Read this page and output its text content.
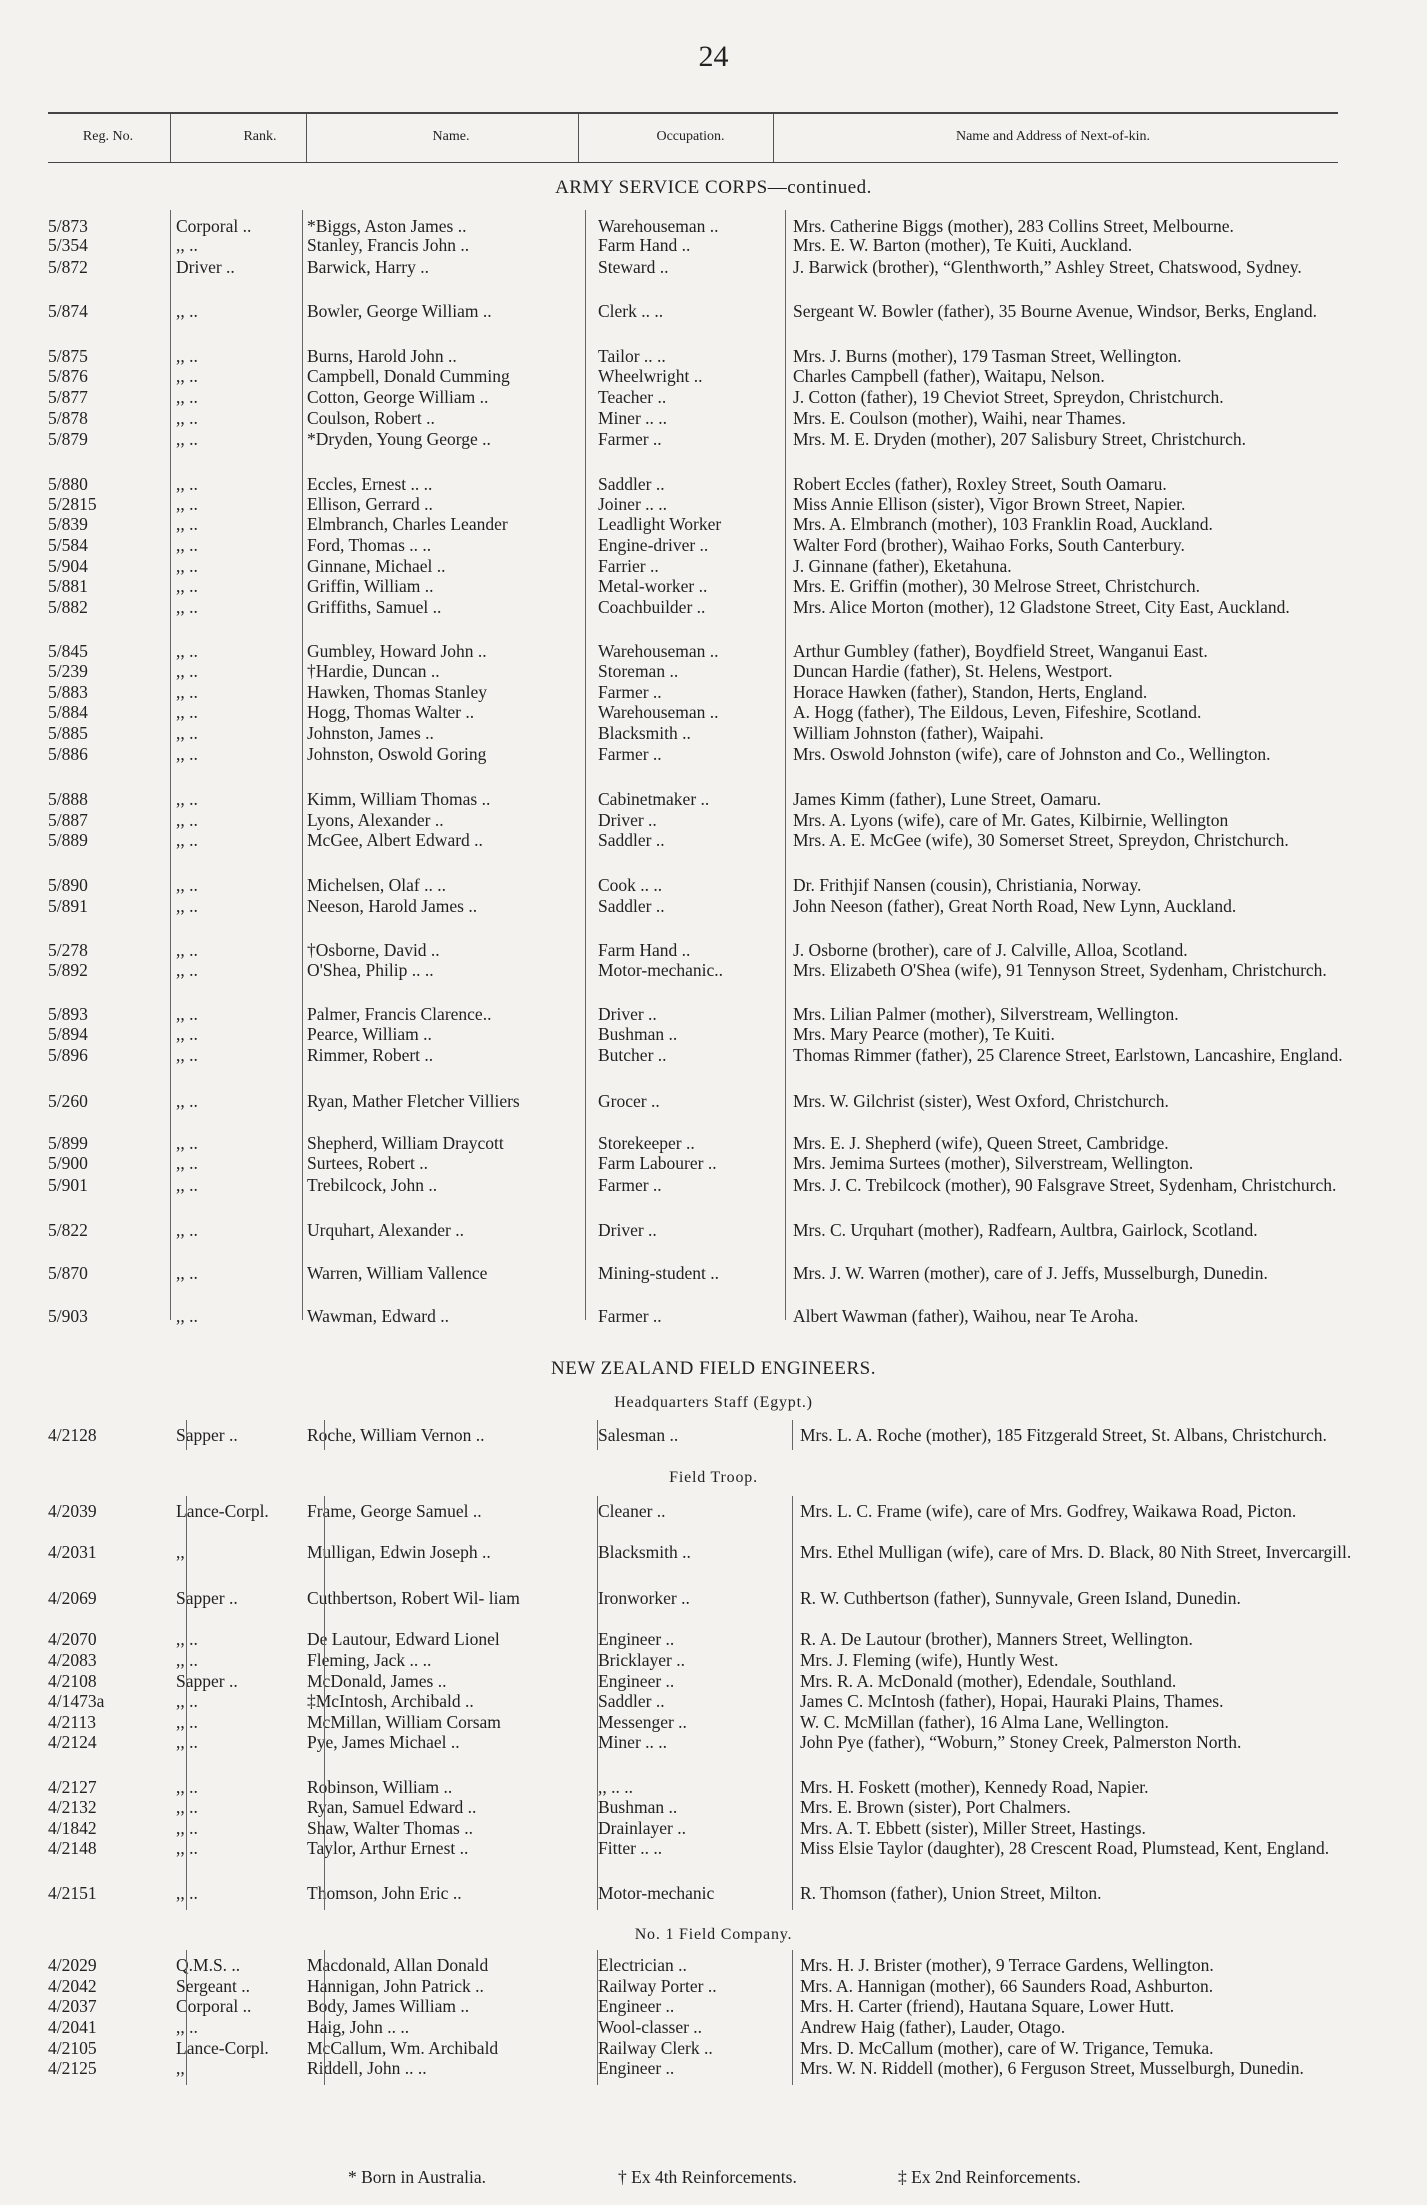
24
Reg. No.	Rank.	Name.	Occupation.	Name and Address of Next-of-kin.
ARMY SERVICE CORPS—continued.
NEW ZEALAND FIELD ENGINEERS.
Headquarters Staff (Egypt.)
Field Troop.
No. 1 Field Company.
5/873	Corporal ..	*Biggs, Aston James ..	Warehouseman ..	Mrs. Catherine Biggs (mother), 283 Collins Street, Melbourne.
5/354	,, ..	Stanley, Francis John ..	Farm Hand ..	Mrs. E. W. Barton (mother), Te Kuiti, Auckland.
5/872	Driver ..	Barwick, Harry ..	Steward ..	J. Barwick (brother), “Glenthworth,” Ashley Street, Chatswood, Sydney.
5/874	,, ..	Bowler, George William ..	Clerk .. ..	Sergeant W. Bowler (father), 35 Bourne Avenue, Windsor, Berks, England.
5/875	,, ..	Burns, Harold John ..	Tailor .. ..	Mrs. J. Burns (mother), 179 Tasman Street, Wellington.
5/876	,, ..	Campbell, Donald Cumming	Wheelwright ..	Charles Campbell (father), Waitapu, Nelson.
5/877	,, ..	Cotton, George William ..	Teacher ..	J. Cotton (father), 19 Cheviot Street, Spreydon, Christchurch.
5/878	,, ..	Coulson, Robert ..	Miner .. ..	Mrs. E. Coulson (mother), Waihi, near Thames.
5/879	,, ..	*Dryden, Young George ..	Farmer ..	Mrs. M. E. Dryden (mother), 207 Salisbury Street, Christchurch.
5/880	,, ..	Eccles, Ernest .. ..	Saddler ..	Robert Eccles (father), Roxley Street, South Oamaru.
5/2815	,, ..	Ellison, Gerrard ..	Joiner .. ..	Miss Annie Ellison (sister), Vigor Brown Street, Napier.
5/839	,, ..	Elmbranch, Charles Leander	Leadlight Worker	Mrs. A. Elmbranch (mother), 103 Franklin Road, Auckland.
5/584	,, ..	Ford, Thomas .. ..	Engine-driver ..	Walter Ford (brother), Waihao Forks, South Canterbury.
5/904	,, ..	Ginnane, Michael ..	Farrier ..	J. Ginnane (father), Eketahuna.
5/881	,, ..	Griffin, William ..	Metal-worker ..	Mrs. E. Griffin (mother), 30 Melrose Street, Christchurch.
5/882	,, ..	Griffiths, Samuel ..	Coachbuilder ..	Mrs. Alice Morton (mother), 12 Gladstone Street, City East, Auckland.
5/845	,, ..	Gumbley, Howard John ..	Warehouseman ..	Arthur Gumbley (father), Boydfield Street, Wanganui East.
5/239	,, ..	†Hardie, Duncan ..	Storeman ..	Duncan Hardie (father), St. Helens, Westport.
5/883	,, ..	Hawken, Thomas Stanley	Farmer ..	Horace Hawken (father), Standon, Herts, England.
5/884	,, ..	Hogg, Thomas Walter ..	Warehouseman ..	A. Hogg (father), The Eildous, Leven, Fifeshire, Scotland.
5/885	,, ..	Johnston, James ..	Blacksmith ..	William Johnston (father), Waipahi.
5/886	,, ..	Johnston, Oswold Goring	Farmer ..	Mrs. Oswold Johnston (wife), care of Johnston and Co., Wellington.
5/888	,, ..	Kimm, William Thomas ..	Cabinetmaker ..	James Kimm (father), Lune Street, Oamaru.
5/887	,, ..	Lyons, Alexander ..	Driver ..	Mrs. A. Lyons (wife), care of Mr. Gates, Kilbirnie, Wellington
5/889	,, ..	McGee, Albert Edward ..	Saddler ..	Mrs. A. E. McGee (wife), 30 Somerset Street, Spreydon, Christchurch.
5/890	,, ..	Michelsen, Olaf .. ..	Cook .. ..	Dr. Frithjif Nansen (cousin), Christiania, Norway.
5/891	,, ..	Neeson, Harold James ..	Saddler ..	John Neeson (father), Great North Road, New Lynn, Auckland.
5/278	,, ..	†Osborne, David ..	Farm Hand ..	J. Osborne (brother), care of J. Calville, Alloa, Scotland.
5/892	,, ..	O'Shea, Philip .. ..	Motor-mechanic..	Mrs. Elizabeth O'Shea (wife), 91 Tennyson Street, Sydenham, Christchurch.
5/893	,, ..	Palmer, Francis Clarence..	Driver ..	Mrs. Lilian Palmer (mother), Silverstream, Wellington.
5/894	,, ..	Pearce, William ..	Bushman ..	Mrs. Mary Pearce (mother), Te Kuiti.
5/896	,, ..	Rimmer, Robert ..	Butcher ..	Thomas Rimmer (father), 25 Clarence Street, Earlstown, Lancashire, England.
5/260	,, ..	Ryan, Mather Fletcher Villiers	Grocer ..	Mrs. W. Gilchrist (sister), West Oxford, Christchurch.
5/899	,, ..	Shepherd, William Draycott	Storekeeper ..	Mrs. E. J. Shepherd (wife), Queen Street, Cambridge.
5/900	,, ..	Surtees, Robert ..	Farm Labourer ..	Mrs. Jemima Surtees (mother), Silverstream, Wellington.
5/901	,, ..	Trebilcock, John ..	Farmer ..	Mrs. J. C. Trebilcock (mother), 90 Falsgrave Street, Sydenham, Christchurch.
5/822	,, ..	Urquhart, Alexander ..	Driver ..	Mrs. C. Urquhart (mother), Radfearn, Aultbra, Gairlock, Scotland.
5/870	,, ..	Warren, William Vallence	Mining-student ..	Mrs. J. W. Warren (mother), care of J. Jeffs, Musselburgh, Dunedin.
5/903	,, ..	Wawman, Edward ..	Farmer ..	Albert Wawman (father), Waihou, near Te Aroha.
4/2128	Sapper ..	Roche, William Vernon ..	Salesman ..	Mrs. L. A. Roche (mother), 185 Fitzgerald Street, St. Albans, Christchurch.
4/2039	Lance-Corpl.	Frame, George Samuel ..	Cleaner ..	Mrs. L. C. Frame (wife), care of Mrs. Godfrey, Waikawa Road, Picton.
4/2031	,,	Mulligan, Edwin Joseph ..	Blacksmith ..	Mrs. Ethel Mulligan (wife), care of Mrs. D. Black, 80 Nith Street, Invercargill.
4/2069	Sapper ..	Cuthbertson, Robert Wil- liam	Ironworker ..	R. W. Cuthbertson (father), Sunnyvale, Green Island, Dunedin.
4/2070	,, ..	De Lautour, Edward Lionel	Engineer ..	R. A. De Lautour (brother), Manners Street, Wellington.
4/2083	,, ..	Fleming, Jack .. ..	Bricklayer ..	Mrs. J. Fleming (wife), Huntly West.
4/2108	Sapper ..	McDonald, James ..	Engineer ..	Mrs. R. A. McDonald (mother), Edendale, Southland.
4/1473a	,, ..	‡McIntosh, Archibald ..	Saddler ..	James C. McIntosh (father), Hopai, Hauraki Plains, Thames.
4/2113	,, ..	McMillan, William Corsam	Messenger ..	W. C. McMillan (father), 16 Alma Lane, Wellington.
4/2124	,, ..	Pye, James Michael ..	Miner .. ..	John Pye (father), “Woburn,” Stoney Creek, Palmerston North.
4/2127	,, ..	Robinson, William ..	,, .. ..	Mrs. H. Foskett (mother), Kennedy Road, Napier.
4/2132	,, ..	Ryan, Samuel Edward ..	Bushman ..	Mrs. E. Brown (sister), Port Chalmers.
4/1842	,, ..	Shaw, Walter Thomas ..	Drainlayer ..	Mrs. A. T. Ebbett (sister), Miller Street, Hastings.
4/2148	,, ..	Taylor, Arthur Ernest ..	Fitter .. ..	Miss Elsie Taylor (daughter), 28 Crescent Road, Plumstead, Kent, England.
4/2151	,, ..	Thomson, John Eric ..	Motor-mechanic	R. Thomson (father), Union Street, Milton.
4/2029	Q.M.S. ..	Macdonald, Allan Donald	Electrician ..	Mrs. H. J. Brister (mother), 9 Terrace Gardens, Wellington.
4/2042	Sergeant ..	Hannigan, John Patrick ..	Railway Porter ..	Mrs. A. Hannigan (mother), 66 Saunders Road, Ashburton.
4/2037	Corporal ..	Body, James William ..	Engineer ..	Mrs. H. Carter (friend), Hautana Square, Lower Hutt.
4/2041	,, ..	Haig, John .. ..	Wool-classer ..	Andrew Haig (father), Lauder, Otago.
4/2105	Lance-Corpl.	McCallum, Wm. Archibald	Railway Clerk ..	Mrs. D. McCallum (mother), care of W. Trigance, Temuka.
4/2125	,,	Riddell, John .. ..	Engineer ..	Mrs. W. N. Riddell (mother), 6 Ferguson Street, Musselburgh, Dunedin.
* Born in Australia.	† Ex 4th Reinforcements.	‡ Ex 2nd Reinforcements.
